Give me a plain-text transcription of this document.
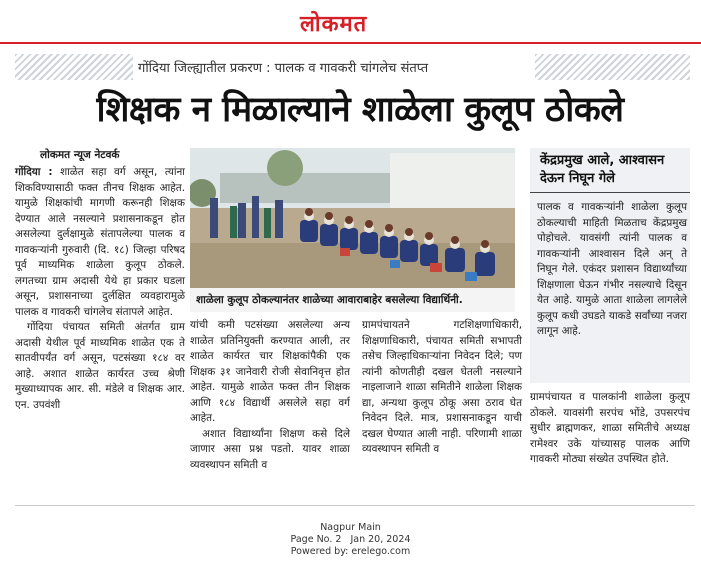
लोकमत
गोंदिया जिल्ह्यातील प्रकरण : पालक व गावकरी चांगलेच संतप्त
शिक्षक न मिळाल्याने शाळेला कुलूप ठोकले
लोकमत न्यूज नेटवर्क

गोंदिया : शाळेत सहा वर्ग असून, त्यांना शिकविण्यासाठी फक्त तीनच शिक्षक आहेत. यामुळे शिक्षकांची मागणी करूनही शिक्षक देण्यात आले नसल्याने प्रशासनाकडून होत असलेल्या दुर्लक्षामुळे संतापलेल्या पालक व गावकऱ्यांनी गुरुवारी (दि. १८) जिल्हा परिषद पूर्व माध्यमिक शाळेला कुलूप ठोकले. लगतच्या ग्राम अदासी येथे हा प्रकार घडला असून, प्रशासनाच्या दुर्लक्षित व्यवहारामुळे पालक व गावकरी चांगलेच संतापले आहेत.

गोंदिया पंचायत समिती अंतर्गत ग्राम अदासी येथील पूर्व माध्यमिक शाळेत एक ते सातवीपर्यंत वर्ग असून, पटसंख्या १८४ वर आहे. अशात शाळेत कार्यरत उच्च श्रेणी मुख्याध्यापक आर. सी. मंडेले व शिक्षक आर. एन. उपवंशी

शाळेला कुलूप ठोकल्यानंतर शाळेच्या आवाराबाहेर बसलेल्या विद्यार्थिनी.
केंद्रप्रमुख आले, आश्वासन देऊन निघून गेले
पालक व गावकऱ्यांनी शाळेला कुलूप ठोकल्याची माहिती मिळताच केंद्रप्रमुख पोहोचले. यावसंगी त्यांनी पालक व गावकऱ्यांनी आश्वासन दिले अन् ते निघून गेले. एकंदर प्रशासन विद्यार्थ्यांच्या शिक्षणाला घेऊन गंभीर नसल्याचे दिसून येत आहे. यामुळे आता शाळेला लागलेले कुलूप कधी उघडते याकडे सर्वांच्या नजरा लागून आहे.

यांची कमी पटसंख्या असलेल्या अन्य शाळेत प्रतिनियुक्ती करण्यात आली, तर शाळेत कार्यरत चार शिक्षकांपैकी एक शिक्षक ३१ जानेवारी रोजी सेवानिवृत्त होत आहेत. यामुळे शाळेत फक्त तीन शिक्षक आणि १८४ विद्यार्थी असलेले सहा वर्ग आहेत.

अशात विद्यार्थ्यांना शिक्षण कसे दिले जाणार असा प्रश्न पडतो. यावर शाळा व्यवस्थापन समिती व

ग्रामपंचायतने गटशिक्षणाधिकारी, शिक्षणाधिकारी, पंचायत समिती सभापती तसेच जिल्हाधिकाऱ्यांना निवेदन दिले; पण त्यांनी कोणतीही दखल घेतली नसल्याने नाइलाजाने शाळा समितीने शाळेला शिक्षक द्या, अन्यथा कुलूप ठोकू असा ठराव घेत निवेदन दिले. मात्र, प्रशासनाकडून याची दखल घेण्यात आली नाही. परिणामी शाळा व्यवस्थापन समिती व

ग्रामपंचायत व पालकांनी शाळेला कुलूप ठोकले. यावसंगी सरपंच भोंडे, उपसरपंच सुधीर ब्राह्मणकर, शाळा समितीचे अध्यक्ष रामेश्वर उके यांच्यासह पालक आणि गावकरी मोठ्या संख्येत उपस्थित होते.

Nagpur Main
Page No. 2 Jan 20, 2024
Powered by: erelego.com
